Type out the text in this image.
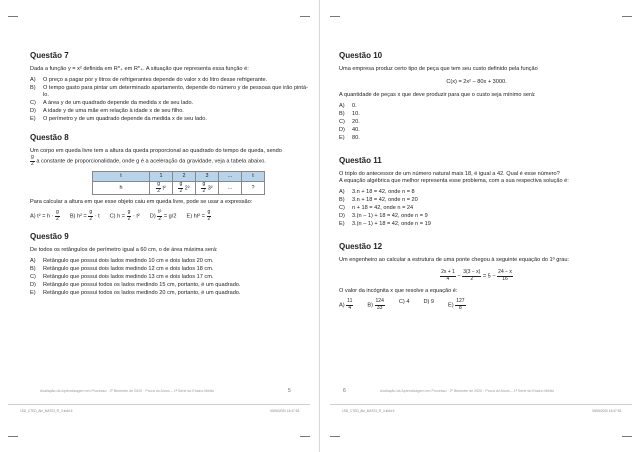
Questão 7

Dada a função y = x² definida em R*₊ em R*₊. A situação que representa essa função é:

A) O preço a pagar por y litros de refrigerantes depende do valor x do litro desse refrigerante.
B) O tempo gasto para pintar um determinado apartamento, depende do número y de pessoas que irão pintá-lo.
C) A área y de um quadrado depende da medida x de seu lado.
D) A idade y de uma mãe em relação à idade x de seu filho.
E) O perímetro y de um quadrado depende da medida x de seu lado.
Questão 8

Um corpo em queda livre tem a altura da queda proporcional ao quadrado do tempo de queda, sendo

$\frac{g}{2}$ a constante de proporcionalidade, onde g é a aceleração da gravidade, veja a tabela abaixo.

t	1	2	3	...	t
h	$\frac{g}{2} t^2$	$\frac{g}{2} 2^2$	$\frac{g}{2} 3^2$	...	?

Para calcular a altura em que esse objeto caiu em queda livre, pode se usar a expressão:

A) $t^2 = h \cdot \frac{g}{2} B$) $h^2 = \frac{g}{2} \cdot t$ C) $h = \frac{g}{2} \cdot t^2$ $D) \frac{\text{t²}}{2} = g/2$ E) $ht^2 = \frac{g}{2}$
Questão 9

De todos os retângulos de perímetro igual a 60 cm, o de área máxima será:

A) Retângulo que possui dois lados medindo 10 cm e dois lados 20 cm.
B) Retângulo que possui dois lados medindo 12 cm e dois lados 18 cm.
C) Retângulo que possui dois lados medindo 13 cm e dois lados 17 cm.
D) Retângulo que possui todos os lados medindo 15 cm, portanto, é um quadrado.
E) Retângulo que possui todos os lados medindo 20 cm, portanto, é um quadrado.
Questão 10

Uma empresa produz certo tipo de peça que tem seu custo definido pela função

C(x) = 2x² – 80x + 3000.

A quantidade de peças x que deve produzir para que o custo seja mínimo será:

A) 0.
B) 10.
C) 20.
D) 40.
E) 80.
Questão 11

O triplo do antecessor de um número natural mais 18, é igual a 42. Qual é esse número?

A equação algébrica que melhor representa esse problema, com a sua respectiva solução é:

A) 3.n + 18 = 42, onde n = 8
B) 3.n + 18 = 42, onde n = 20
C) n + 18 = 42, onde n = 24
D) 3.(n – 1) + 18 = 42, onde n = 9
E) 3.(n – 1) + 18 = 42, onde n = 19
Questão 12

Um engenheiro ao calcular a estrutura de uma ponte chegou à seguinte equação do 1º grau:

$\frac{2x + 1}{4} - \frac{3(3 - x)}{2} = 5 - \frac{24 - x}{16}$

O valor da incógnita x que resolve a equação é:

$A) \frac{11}{4}$	$B) \frac{124}{33}$	C) 4	D) 9
$E) \frac{127}{8}$
Avaliação da Aprendizagem em Processo · 2º Bimestre de 2020 · Prova do Aluno – 1ª Série do Ensino Médio	5	6	Avaliação da Aprendizagem em Processo · 2º Bimestre de 2020 · Prova do Aluno – 1ª Série do Ensino Médio
1SD_CTED_Aln_MAT03_Fl_3.indd 5	30/06/2020 15:47:53	1SD_CTED_Aln_MAT03_Fl_3.indd 6	30/06/2020 15:47:53
